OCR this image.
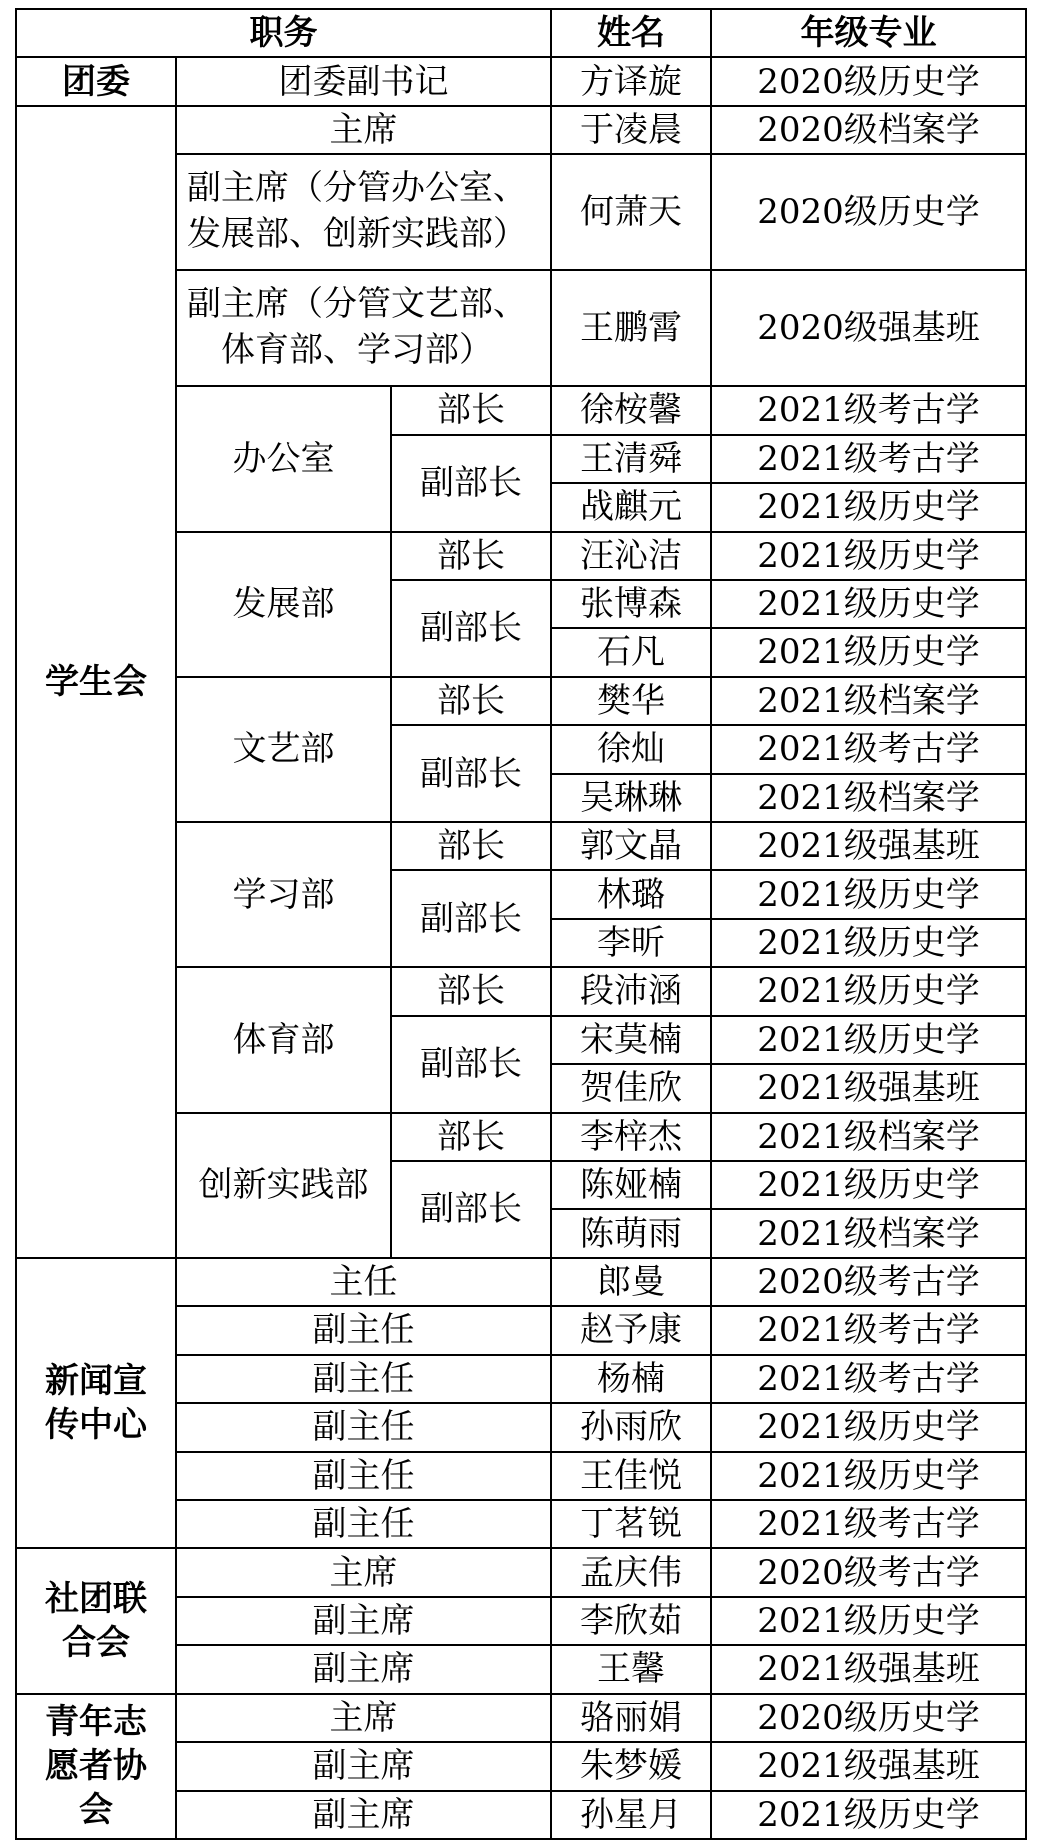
职务			姓名	年级专业
团委	团委副书记		方译旋	2020级历史学
学生会	主席		于凌晨	2020级档案学

	副主席（分管办公室、
发展部、创新实践部）		何萧天	2020级历史学

	副主席（分管文艺部、
体育部、学习部）		王鹏霄	2020级强基班
	办公室	部长	徐桉馨	2021级考古学
		副部长	王清舜	2021级考古学
			战麒元	2021级历史学
	发展部	部长	汪沁洁	2021级历史学
		副部长	张博森	2021级历史学
			石凡	2021级历史学
	文艺部	部长	樊华	2021级档案学
		副部长	徐灿	2021级考古学
			吴琳琳	2021级档案学
	学习部	部长	郭文晶	2021级强基班
		副部长	林璐	2021级历史学
			李昕	2021级历史学
	体育部	部长	段沛涵	2021级历史学
		副部长	宋莫楠	2021级历史学
			贺佳欣	2021级强基班
	创新实践部	部长	李梓杰	2021级档案学
		副部长	陈娅楠	2021级历史学
			陈萌雨	2021级档案学

新闻宣
传中心	主任		郎曼	2020级考古学
	副主任		赵予康	2021级考古学
	副主任		杨楠	2021级考古学
	副主任		孙雨欣	2021级历史学
	副主任		王佳悦	2021级历史学
	副主任		丁茗锐	2021级考古学

社团联
合会	主席		孟庆伟	2020级考古学
	副主席		李欣茹	2021级历史学
	副主席		王馨	2021级强基班

青年志
愿者协
会	主席		骆丽娟	2020级历史学
	副主席		朱梦媛	2021级强基班
	副主席		孙星月	2021级历史学
